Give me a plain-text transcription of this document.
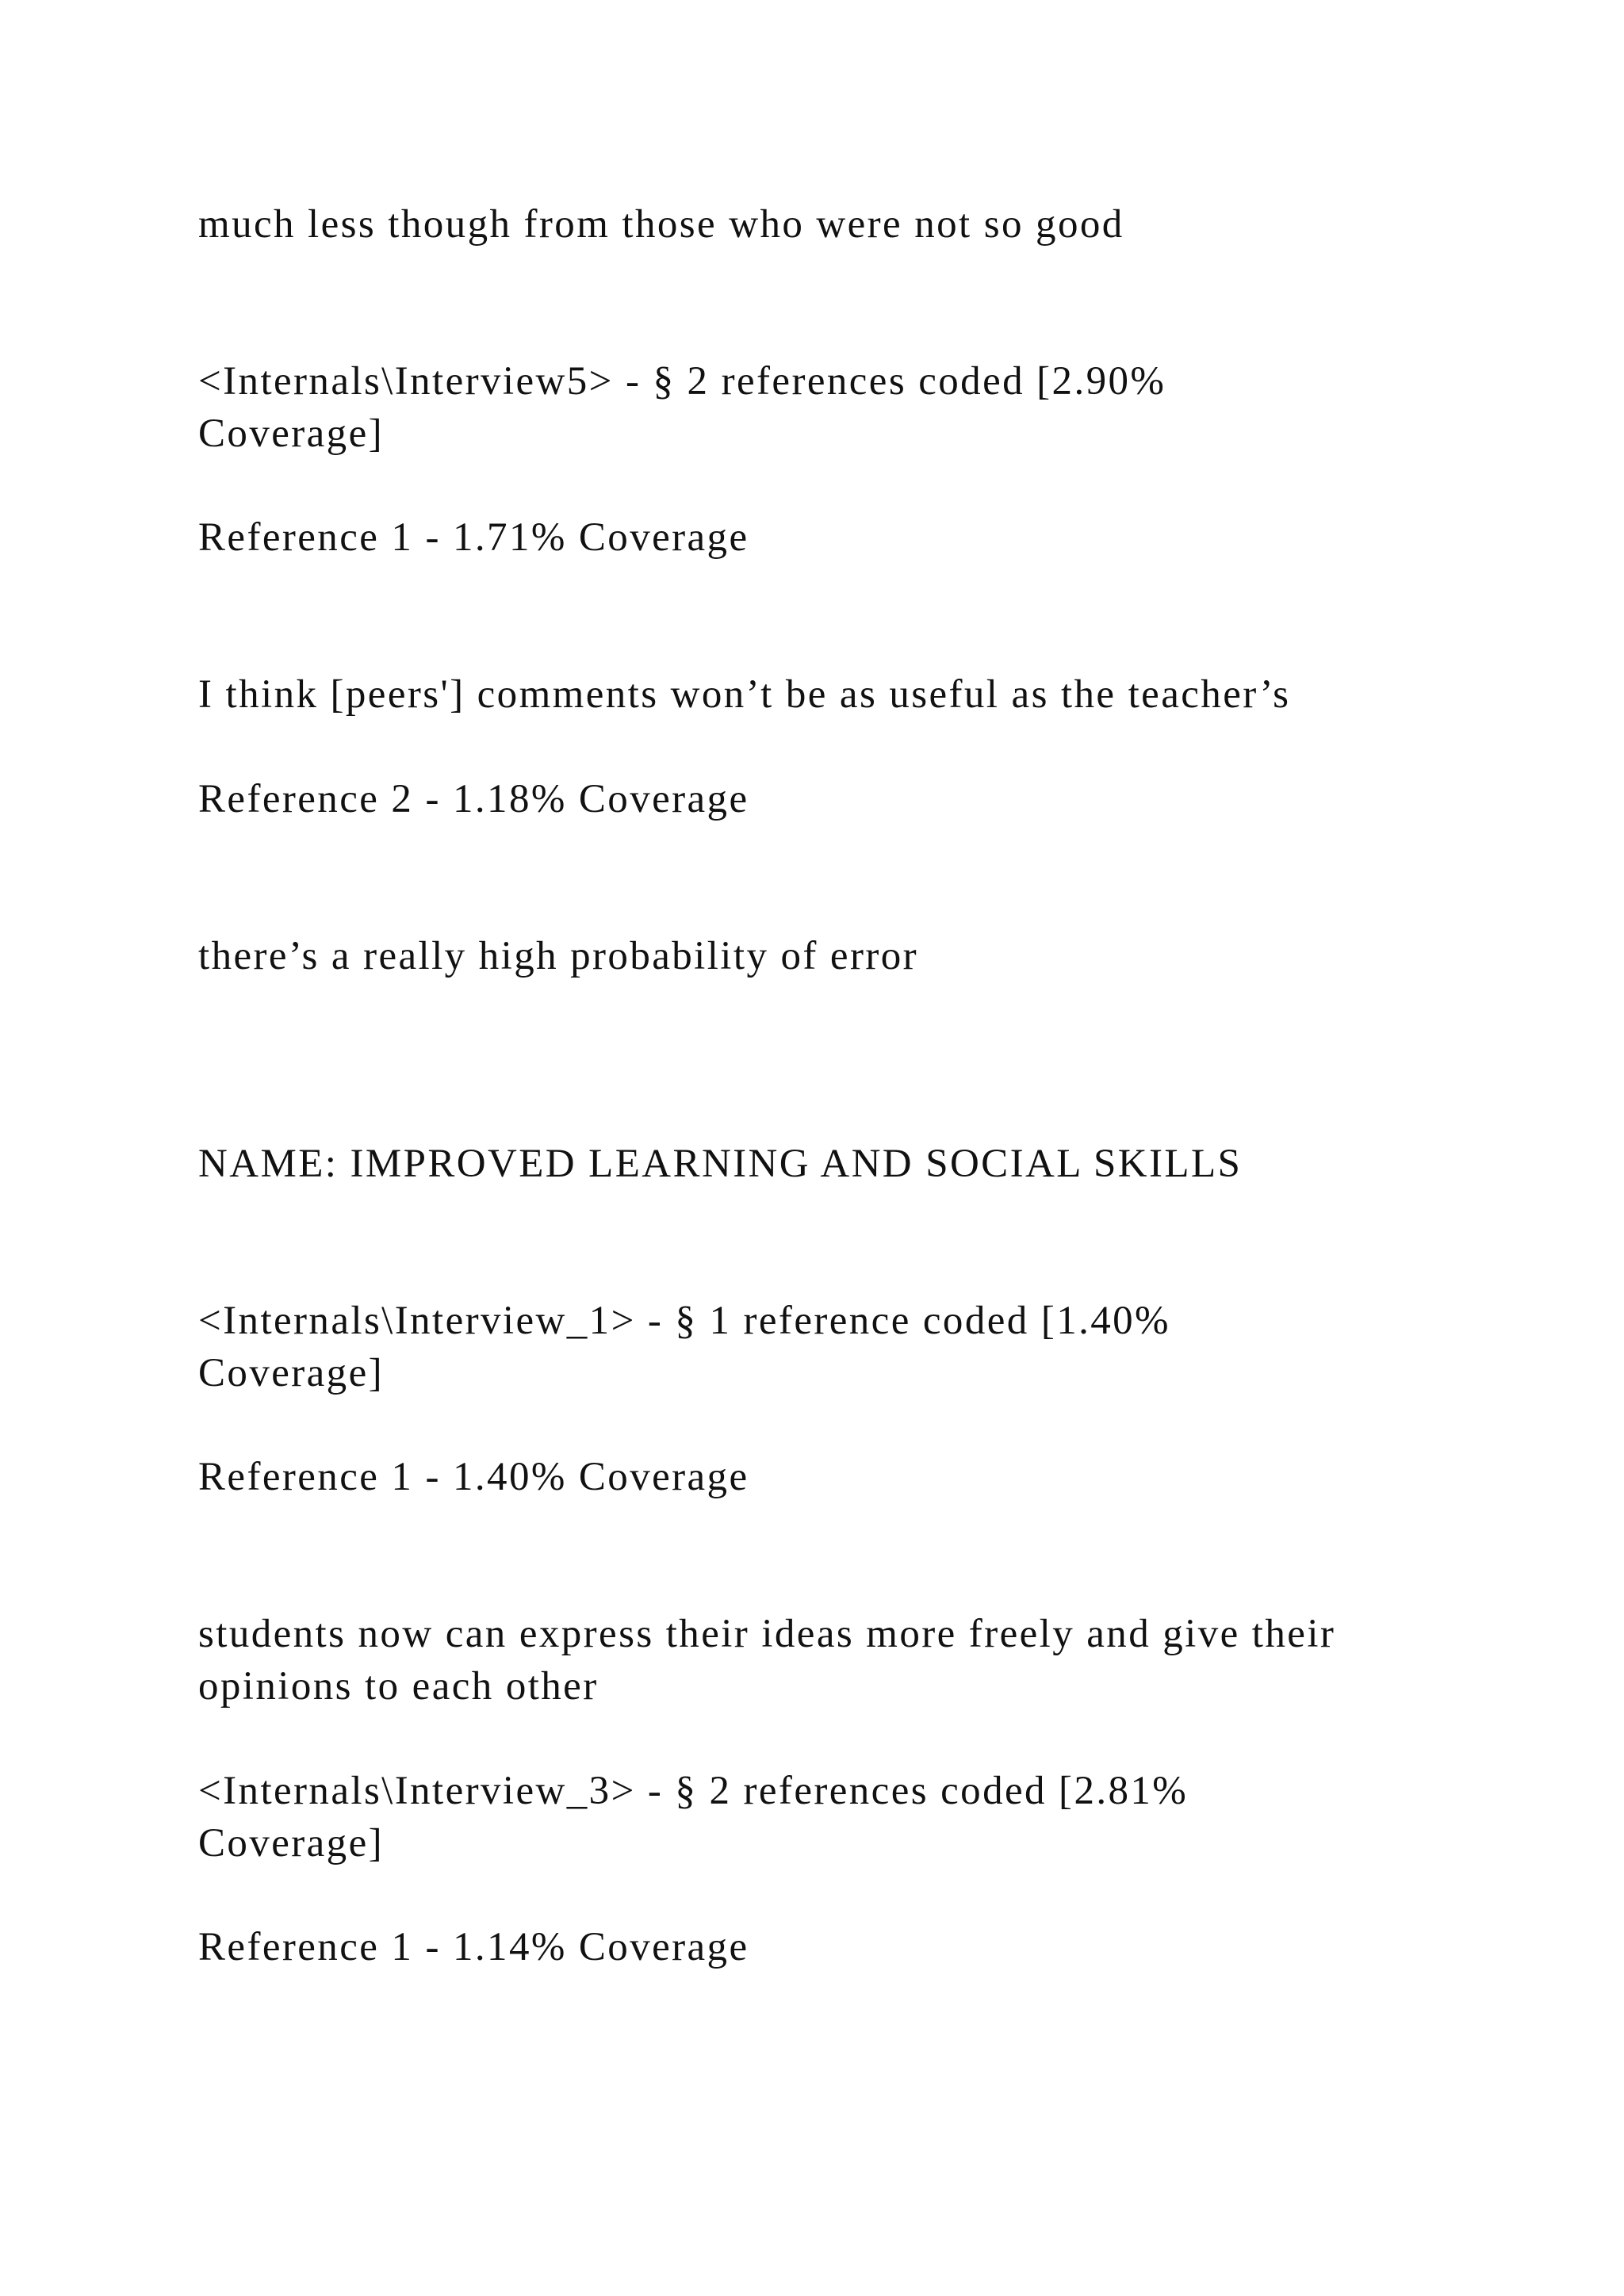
much less though from those who were not so good

<Internals\Interview5> - § 2 references coded [2.90% Coverage]

Reference 1 - 1.71% Coverage

I think [peers'] comments won’t be as useful as the teacher’s

Reference 2 - 1.18% Coverage

there’s a really high probability of error

NAME: IMPROVED LEARNING AND SOCIAL SKILLS

<Internals\Interview_1> - § 1 reference coded [1.40% Coverage]

Reference 1 - 1.40% Coverage

students now can express their ideas more freely and give their opinions to each other

<Internals\Interview_3> - § 2 references coded [2.81% Coverage]

Reference 1 - 1.14% Coverage
